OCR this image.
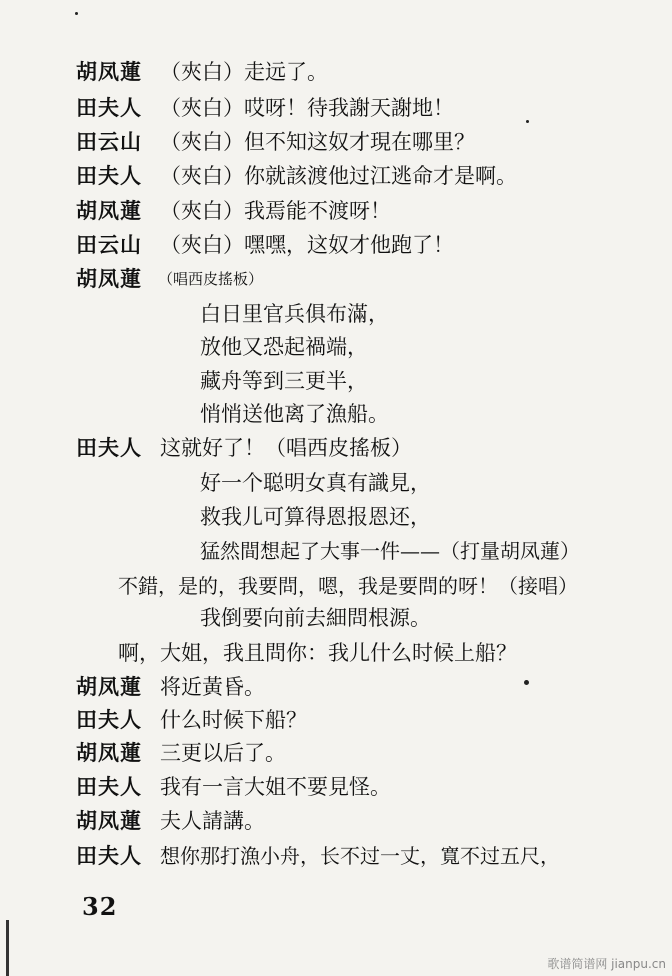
胡凤蓮 （夾白）走远了。
田夫人 （夾白）哎呀！待我謝天謝地！
田云山 （夾白）但不知这奴才現在哪里？
田夫人 （夾白）你就該渡他过江逃命才是啊。
胡凤蓮 （夾白）我焉能不渡呀！
田云山 （夾白）嘿嘿，这奴才他跑了！
胡凤蓮 （唱西皮搖板）
白日里官兵俱布滿，
放他又恐起禍端，
藏舟等到三更半，
悄悄送他离了漁船。
田夫人 这就好了！（唱西皮搖板）
好一个聪明女真有識見，
救我儿可算得恩报恩还，
猛然間想起了大事一件——（打量胡凤蓮）
不錯，是的，我要問，嗯，我是要問的呀！（接唱）
我倒要向前去細問根源。
啊，大姐，我且問你：我儿什么时候上船？
胡凤蓮 将近黃昏。
田夫人 什么时候下船？
胡凤蓮 三更以后了。
田夫人 我有一言大姐不要見怪。
胡凤蓮 夫人請講。
田夫人 想你那打漁小舟，长不过一丈，寬不过五尺，
32
歌谱简谱网 jianpu.cn
